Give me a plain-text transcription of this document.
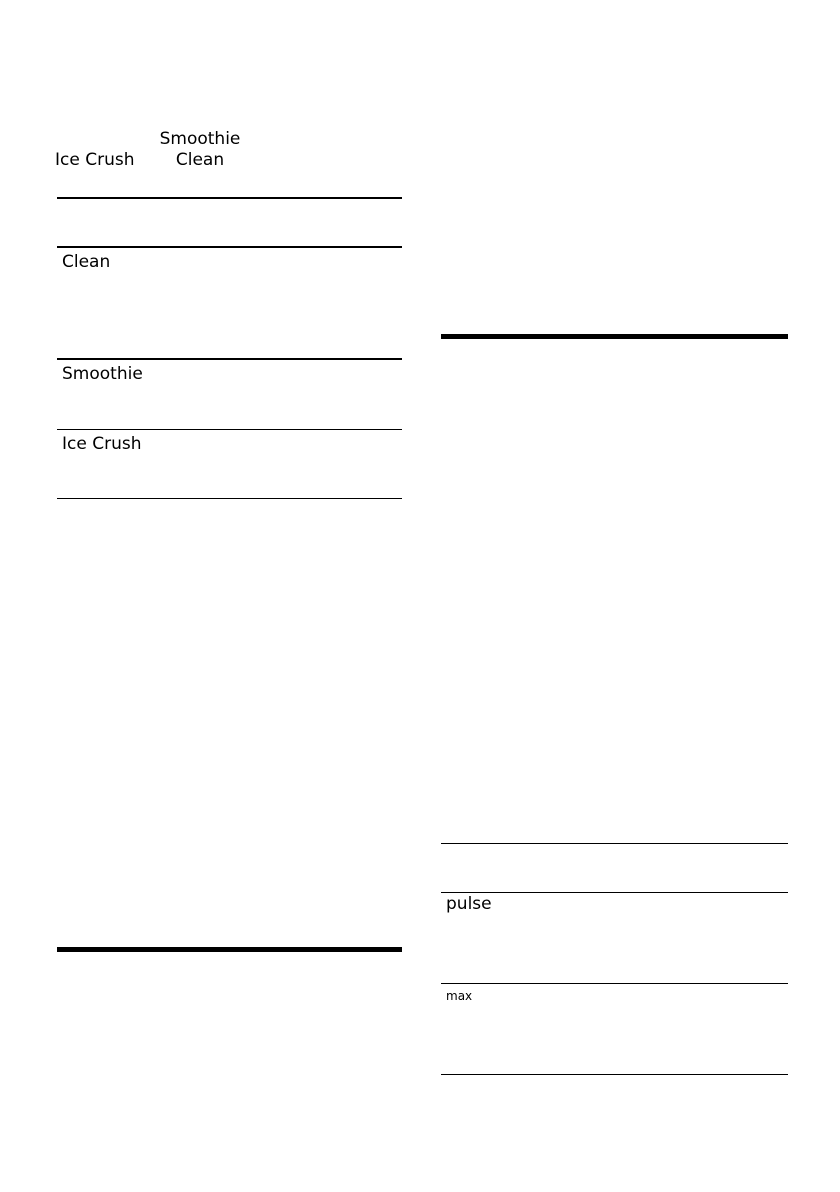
Smoothie
Clean
Ice Crush
Clean
Smoothie
Ice Crush
pulse
max
